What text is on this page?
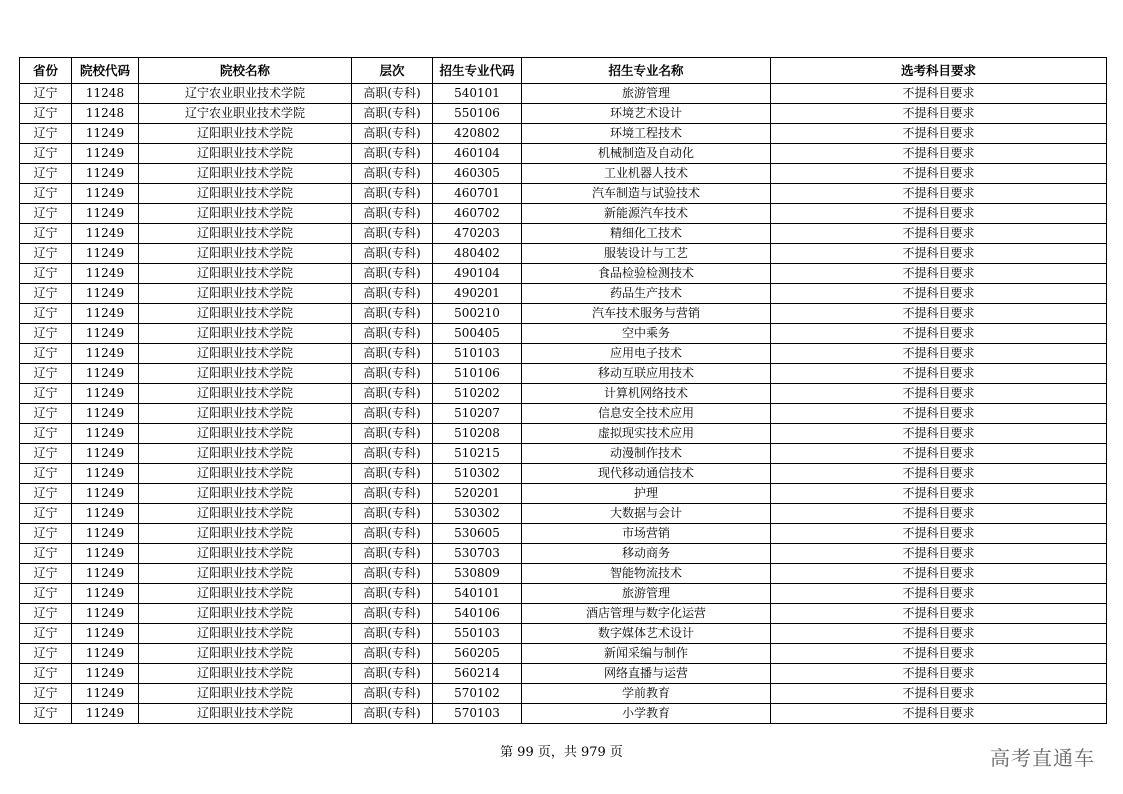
省份	院校代码	院校名称	层次	招生专业代码	招生专业名称	选考科目要求
辽宁	11248	辽宁农业职业技术学院	高职(专科)	540101	旅游管理	不提科目要求
辽宁	11248	辽宁农业职业技术学院	高职(专科)	550106	环境艺术设计	不提科目要求
辽宁	11249	辽阳职业技术学院	高职(专科)	420802	环境工程技术	不提科目要求
辽宁	11249	辽阳职业技术学院	高职(专科)	460104	机械制造及自动化	不提科目要求
辽宁	11249	辽阳职业技术学院	高职(专科)	460305	工业机器人技术	不提科目要求
辽宁	11249	辽阳职业技术学院	高职(专科)	460701	汽车制造与试验技术	不提科目要求
辽宁	11249	辽阳职业技术学院	高职(专科)	460702	新能源汽车技术	不提科目要求
辽宁	11249	辽阳职业技术学院	高职(专科)	470203	精细化工技术	不提科目要求
辽宁	11249	辽阳职业技术学院	高职(专科)	480402	服装设计与工艺	不提科目要求
辽宁	11249	辽阳职业技术学院	高职(专科)	490104	食品检验检测技术	不提科目要求
辽宁	11249	辽阳职业技术学院	高职(专科)	490201	药品生产技术	不提科目要求
辽宁	11249	辽阳职业技术学院	高职(专科)	500210	汽车技术服务与营销	不提科目要求
辽宁	11249	辽阳职业技术学院	高职(专科)	500405	空中乘务	不提科目要求
辽宁	11249	辽阳职业技术学院	高职(专科)	510103	应用电子技术	不提科目要求
辽宁	11249	辽阳职业技术学院	高职(专科)	510106	移动互联应用技术	不提科目要求
辽宁	11249	辽阳职业技术学院	高职(专科)	510202	计算机网络技术	不提科目要求
辽宁	11249	辽阳职业技术学院	高职(专科)	510207	信息安全技术应用	不提科目要求
辽宁	11249	辽阳职业技术学院	高职(专科)	510208	虚拟现实技术应用	不提科目要求
辽宁	11249	辽阳职业技术学院	高职(专科)	510215	动漫制作技术	不提科目要求
辽宁	11249	辽阳职业技术学院	高职(专科)	510302	现代移动通信技术	不提科目要求
辽宁	11249	辽阳职业技术学院	高职(专科)	520201	护理	不提科目要求
辽宁	11249	辽阳职业技术学院	高职(专科)	530302	大数据与会计	不提科目要求
辽宁	11249	辽阳职业技术学院	高职(专科)	530605	市场营销	不提科目要求
辽宁	11249	辽阳职业技术学院	高职(专科)	530703	移动商务	不提科目要求
辽宁	11249	辽阳职业技术学院	高职(专科)	530809	智能物流技术	不提科目要求
辽宁	11249	辽阳职业技术学院	高职(专科)	540101	旅游管理	不提科目要求
辽宁	11249	辽阳职业技术学院	高职(专科)	540106	酒店管理与数字化运营	不提科目要求
辽宁	11249	辽阳职业技术学院	高职(专科)	550103	数字媒体艺术设计	不提科目要求
辽宁	11249	辽阳职业技术学院	高职(专科)	560205	新闻采编与制作	不提科目要求
辽宁	11249	辽阳职业技术学院	高职(专科)	560214	网络直播与运营	不提科目要求
辽宁	11249	辽阳职业技术学院	高职(专科)	570102	学前教育	不提科目要求
辽宁	11249	辽阳职业技术学院	高职(专科)	570103	小学教育	不提科目要求
第 99 页，共 979 页	高考直通车
